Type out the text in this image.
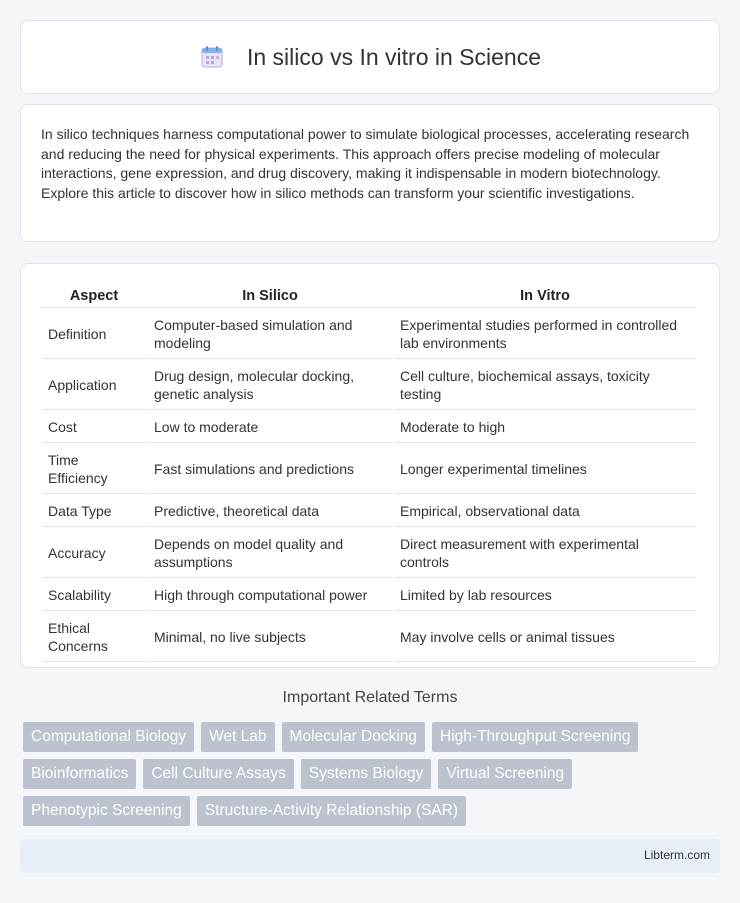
In silico vs In vitro in Science

In silico techniques harness computational power to simulate biological processes, accelerating research and reducing the need for physical experiments. This approach offers precise modeling of molecular interactions, gene expression, and drug discovery, making it indispensable in modern biotechnology. Explore this article to discover how in silico methods can transform your scientific investigations.

Aspect	In Silico	In Vitro
Definition	Computer-based simulation and modeling	Experimental studies performed in controlled lab environments
Application	Drug design, molecular docking, genetic analysis	Cell culture, biochemical assays, toxicity testing
Cost	Low to moderate	Moderate to high
Time Efficiency	Fast simulations and predictions	Longer experimental timelines
Data Type	Predictive, theoretical data	Empirical, observational data
Accuracy	Depends on model quality and assumptions	Direct measurement with experimental controls
Scalability	High through computational power	Limited by lab resources
Ethical Concerns	Minimal, no live subjects	May involve cells or animal tissues
Important Related Terms
Computational Biology	Wet Lab	Molecular Docking	High-Throughput Screening
Bioinformatics	Cell Culture Assays	Systems Biology	Virtual Screening
Phenotypic Screening	Structure-Activity Relationship (SAR)
Libterm.com
